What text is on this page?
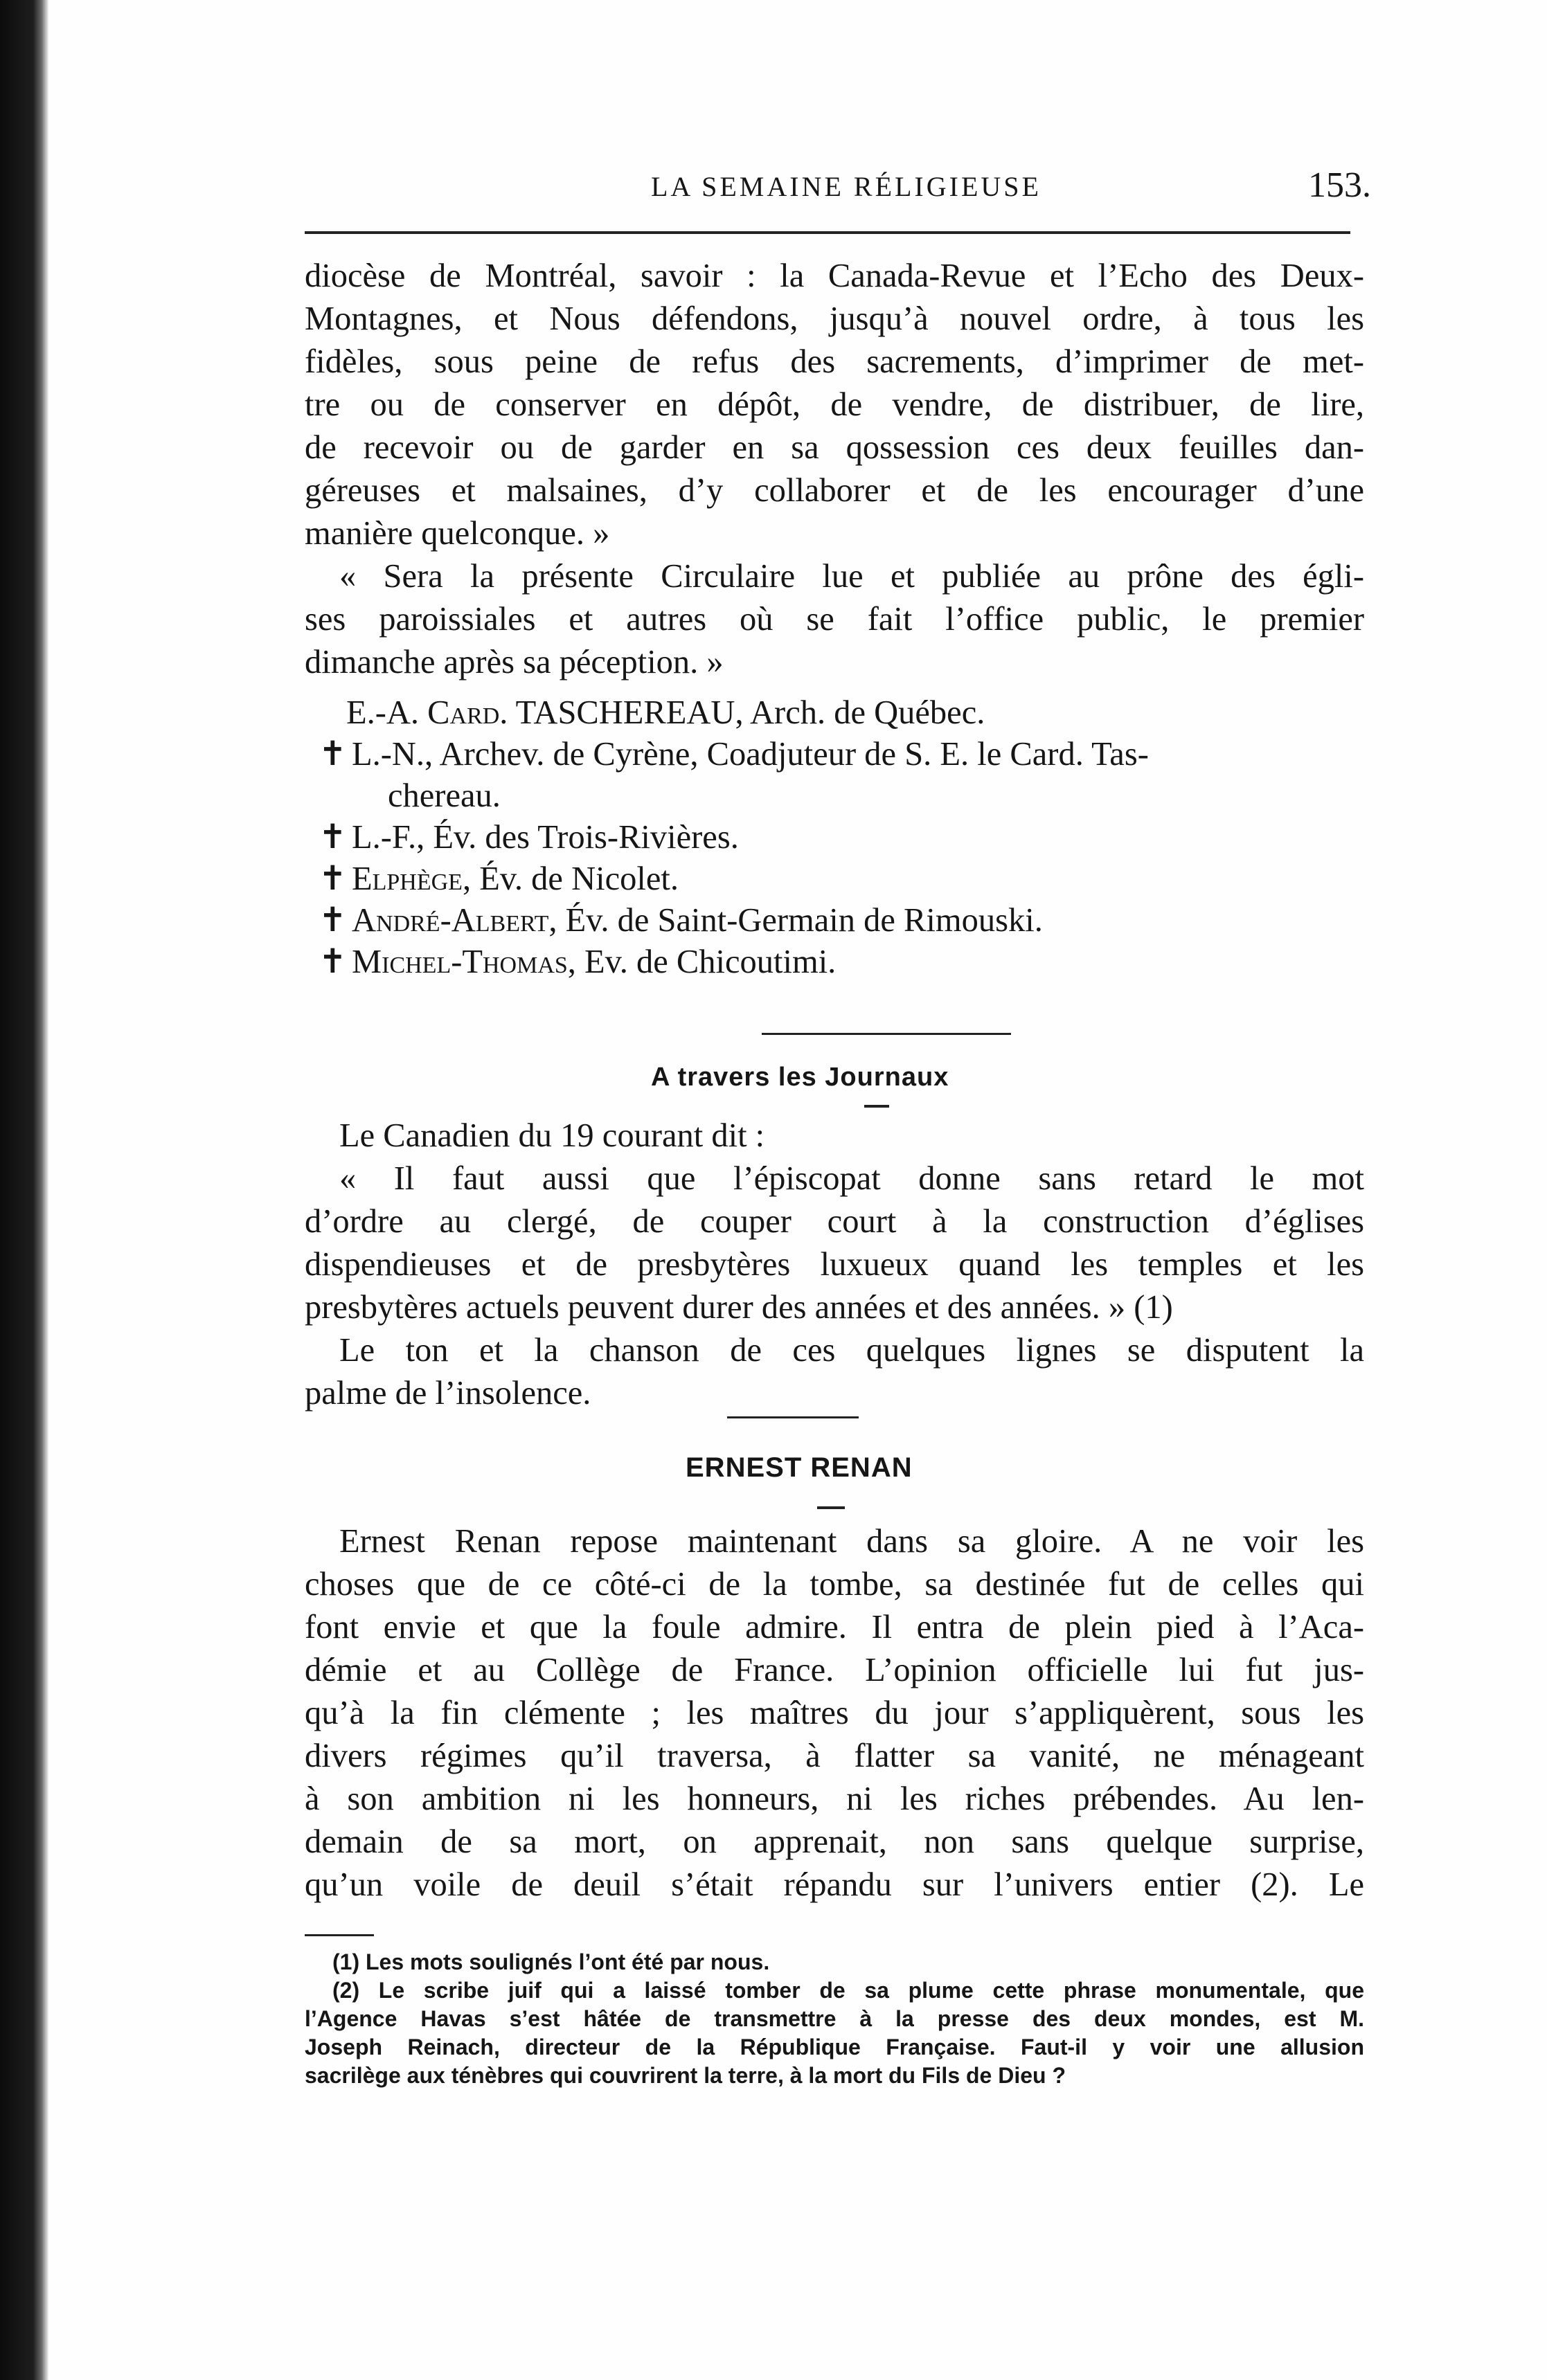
LA SEMAINE RÉLIGIEUSE	153.
diocèse de Montréal, savoir : la Canada-Revue et l’Echo des Deux-
Montagnes, et Nous défendons, jusqu’à nouvel ordre, à tous les
fidèles, sous peine de refus des sacrements, d’imprimer de met-
tre ou de conserver en dépôt, de vendre, de distribuer, de lire,
de recevoir ou de garder en sa qossession ces deux feuilles dan-
géreuses et malsaines, d’y collaborer et de les encourager d’une
manière quelconque. »
« Sera la présente Circulaire lue et publiée au prône des égli-
ses paroissiales et autres où se fait l’office public, le premier
dimanche après sa péception. »
E.-A. Card. TASCHEREAU, Arch. de Québec.
✝ L.-N., Archev. de Cyrène, Coadjuteur de S. E. le Card. Tas-
chereau.
✝ L.-F., Év. des Trois-Rivières.
✝ Elphège, Év. de Nicolet.
✝ André-Albert, Év. de Saint-Germain de Rimouski.
✝ Michel-Thomas, Ev. de Chicoutimi.
A travers les Journaux
Le Canadien du 19 courant dit :
« Il faut aussi que l’épiscopat donne sans retard le mot
d’ordre au clergé, de couper court à la construction d’églises
dispendieuses et de presbytères luxueux quand les temples et les
presbytères actuels peuvent durer des années et des années. » (1)
Le ton et la chanson de ces quelques lignes se disputent la
palme de l’insolence.
ERNEST RENAN
Ernest Renan repose maintenant dans sa gloire. A ne voir les
choses que de ce côté-ci de la tombe, sa destinée fut de celles qui
font envie et que la foule admire. Il entra de plein pied à l’Aca-
démie et au Collège de France. L’opinion officielle lui fut jus-
qu’à la fin clémente ; les maîtres du jour s’appliquèrent, sous les
divers régimes qu’il traversa, à flatter sa vanité, ne ménageant
à son ambition ni les honneurs, ni les riches prébendes. Au len-
demain de sa mort, on apprenait, non sans quelque surprise,
qu’un voile de deuil s’était répandu sur l’univers entier (2). Le
(1) Les mots soulignés l’ont été par nous.
(2) Le scribe juif qui a laissé tomber de sa plume cette phrase monumentale, que
l’Agence Havas s’est hâtée de transmettre à la presse des deux mondes, est M.
Joseph Reinach, directeur de la République Française. Faut-il y voir une allusion
sacrilège aux ténèbres qui couvrirent la terre, à la mort du Fils de Dieu ?
